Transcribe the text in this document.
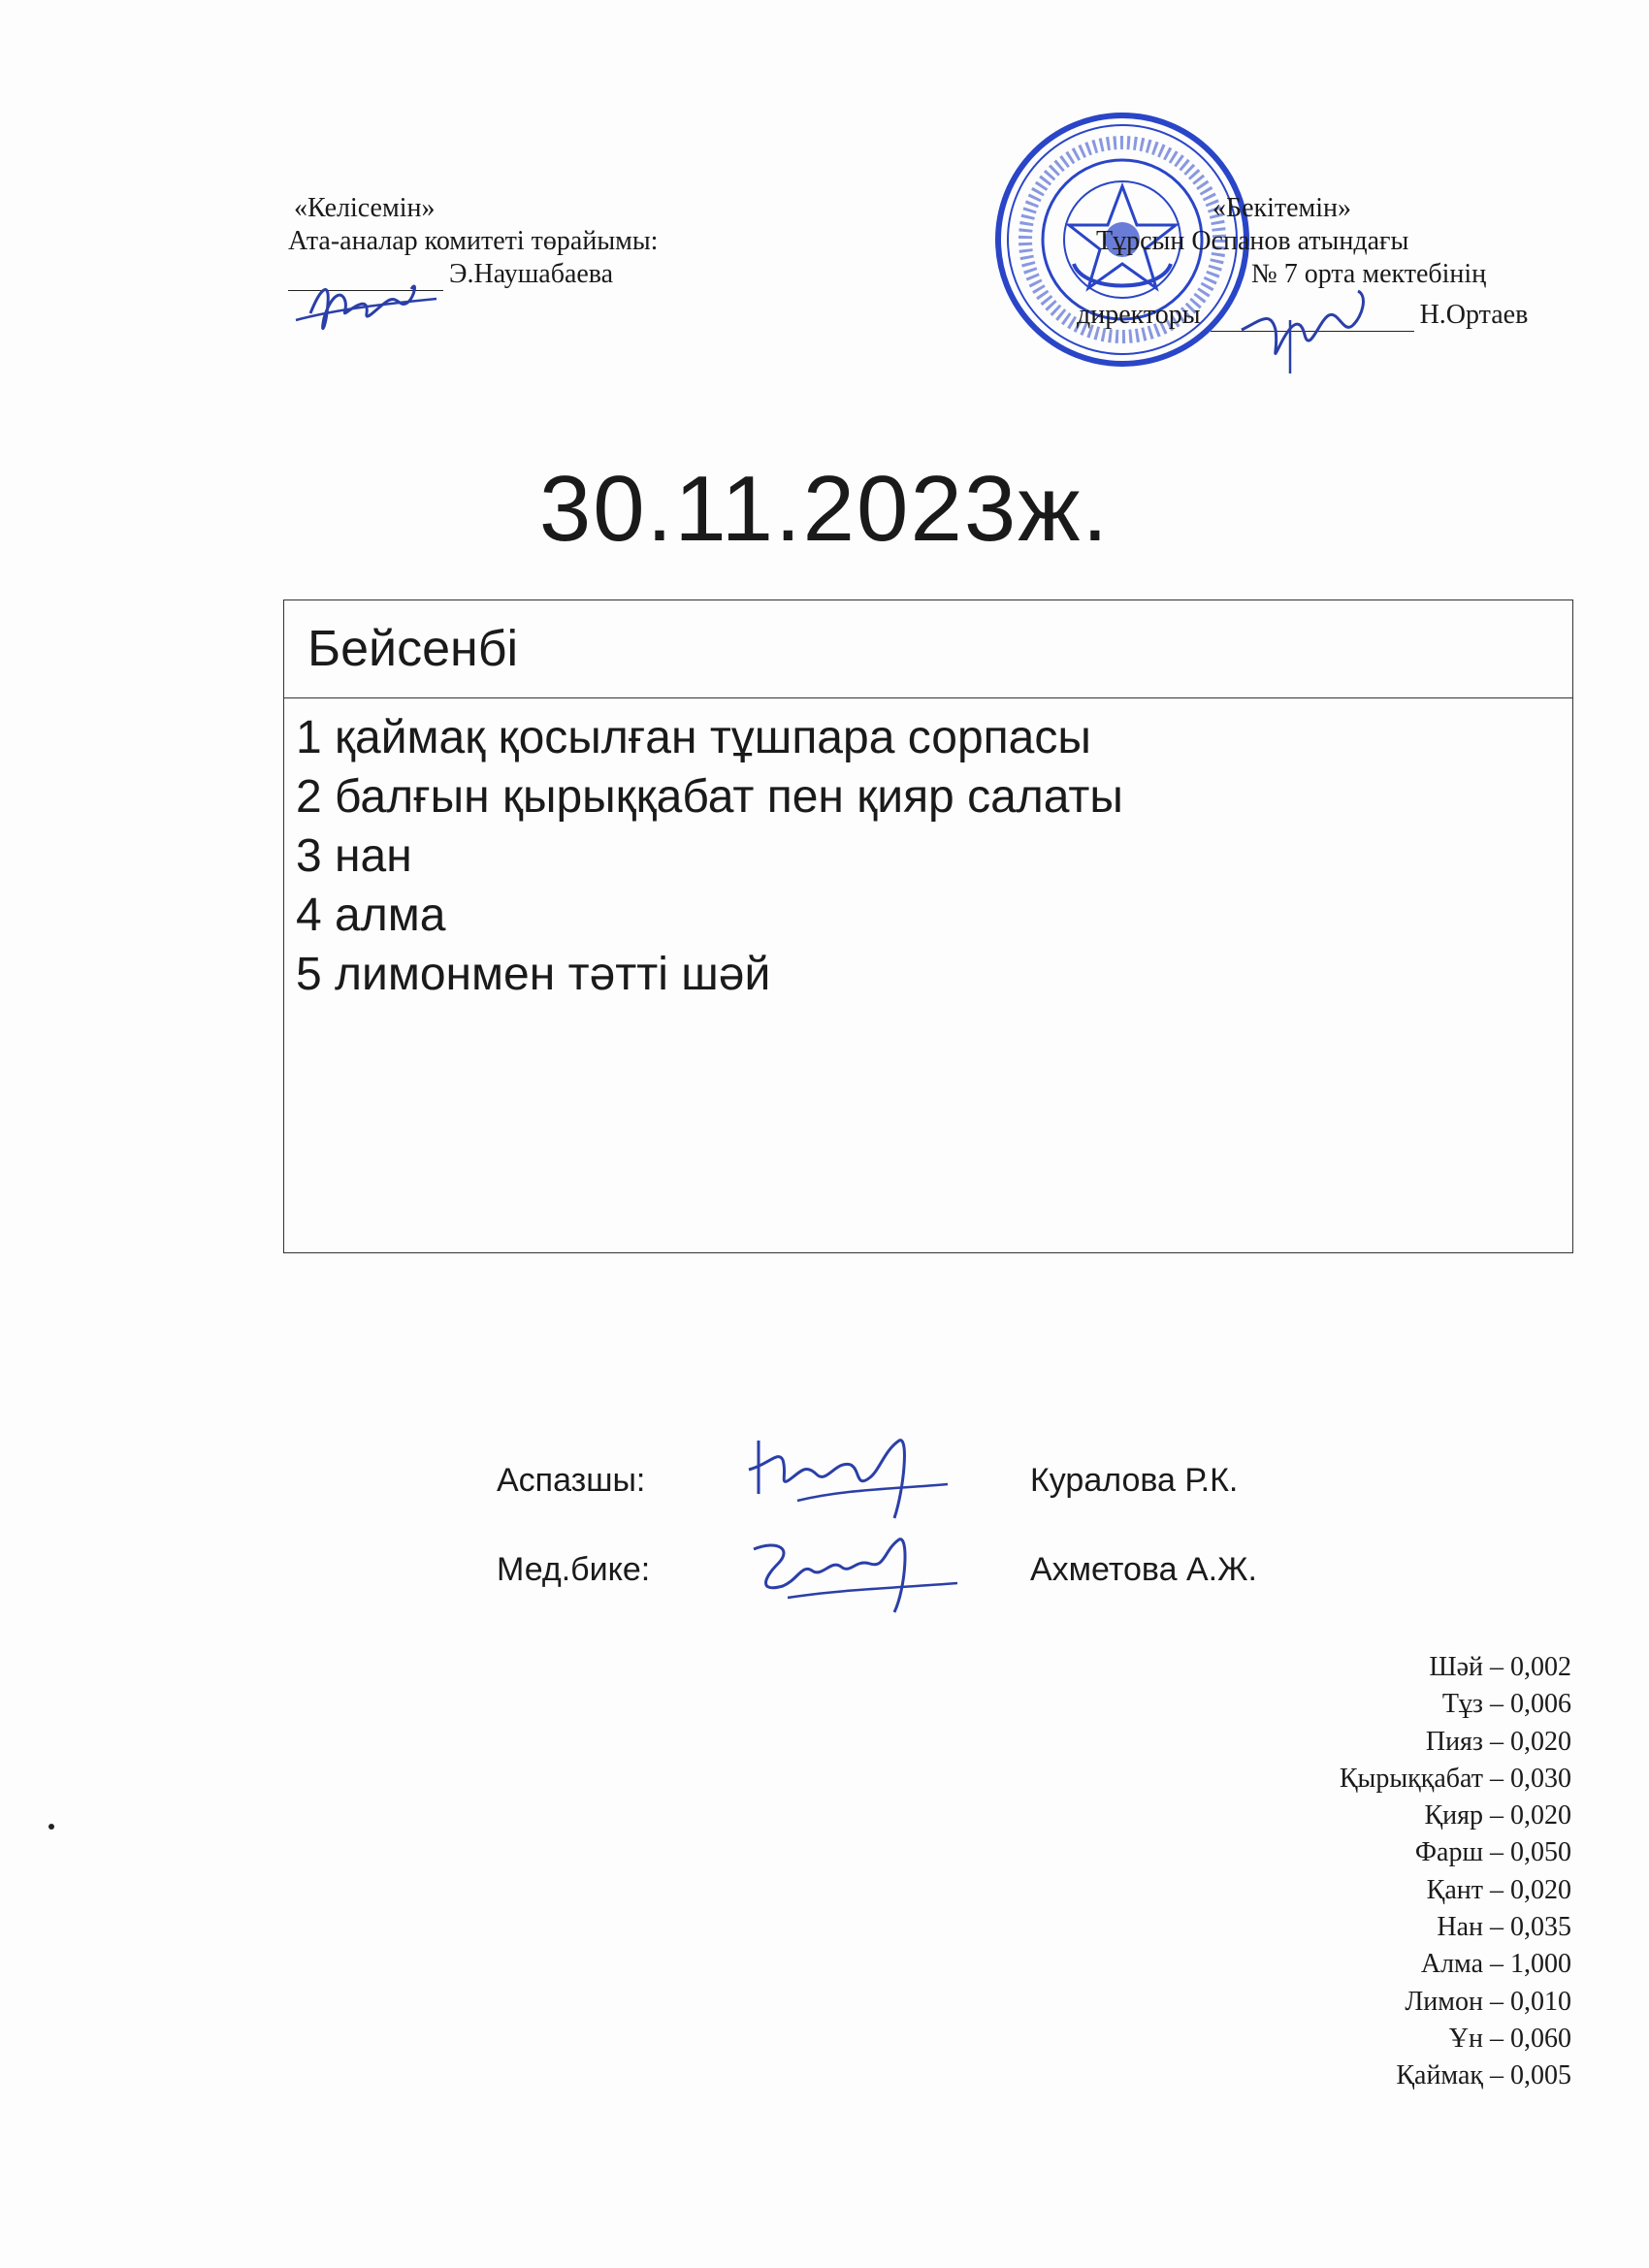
«Келісемін»
Ата-аналар комитеті төрайымы:
Э.Наушабаева
«Бекітемін»
Тұрсын Оспанов атындағы
№ 7 орта мектебінің
директоры	Н.Ортаев
30.11.2023ж.
Бейсенбі
1 қаймақ қосылған тұшпара сорпасы
2 балғын қырыққабат пен қияр салаты
3 нан
4 алма
5 лимонмен тәтті шәй
Аспазшы:	Куралова Р.К.
Мед.бике:	Ахметова А.Ж.
Шәй – 0,002
Тұз – 0,006
Пияз – 0,020
Қырыққабат – 0,030
Қияр – 0,020
Фарш – 0,050
Қант – 0,020
Нан – 0,035
Алма – 1,000
Лимон – 0,010
Ұн – 0,060
Қаймақ – 0,005
